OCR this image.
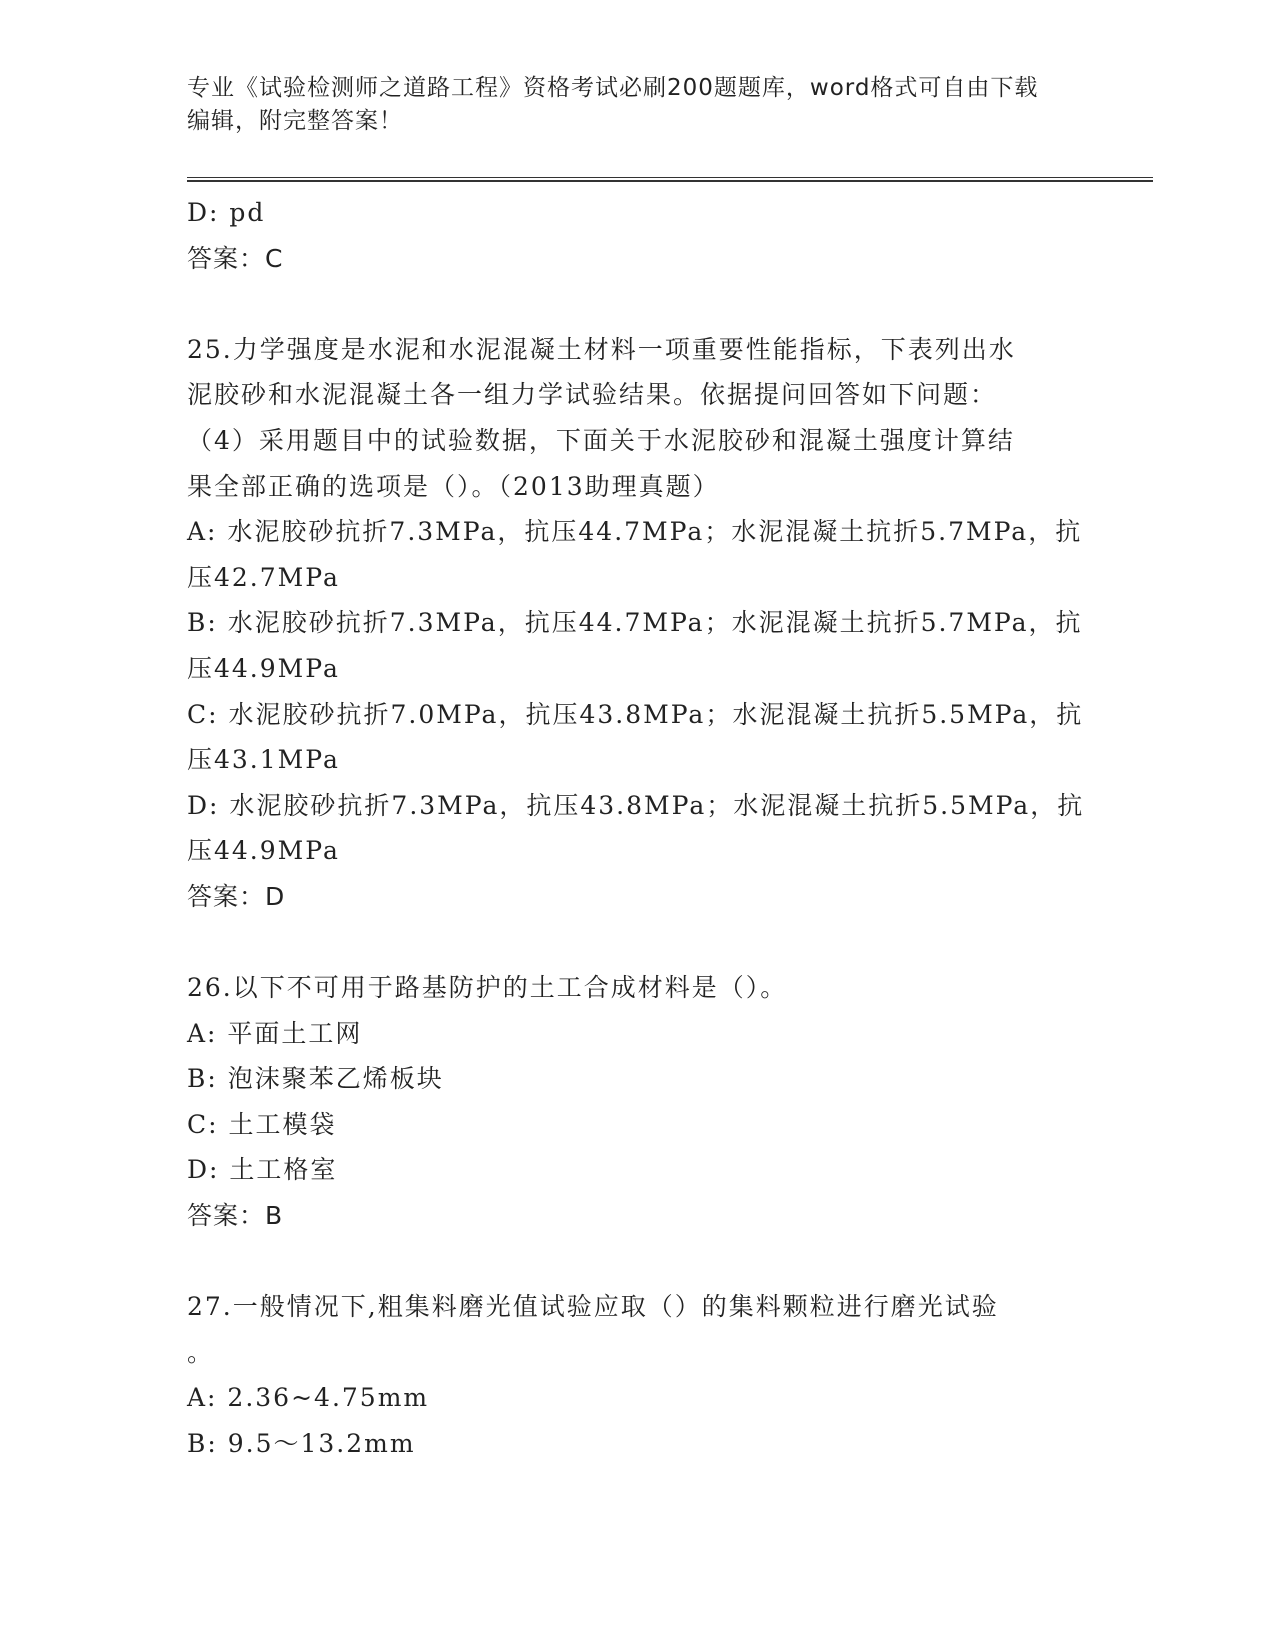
专业《试验检测师之道路工程》资格考试必刷200题题库，word格式可自由下载
编辑，附完整答案！
D: pd
答案：C
25.力学强度是水泥和水泥混凝土材料一项重要性能指标，下表列出水
泥胶砂和水泥混凝土各一组力学试验结果。依据提问回答如下问题：
（4）采用题目中的试验数据，下面关于水泥胶砂和混凝土强度计算结
果全部正确的选项是（）。（2013助理真题）
A: 水泥胶砂抗折7.3MPa，抗压44.7MPa；水泥混凝土抗折5.7MPa，抗
压42.7MPa
B: 水泥胶砂抗折7.3MPa，抗压44.7MPa；水泥混凝土抗折5.7MPa，抗
压44.9MPa
C: 水泥胶砂抗折7.0MPa，抗压43.8MPa；水泥混凝土抗折5.5MPa，抗
压43.1MPa
D: 水泥胶砂抗折7.3MPa，抗压43.8MPa；水泥混凝土抗折5.5MPa，抗
压44.9MPa
答案：D
26.以下不可用于路基防护的土工合成材料是（）。
A: 平面土工网
B: 泡沫聚苯乙烯板块
C: 土工模袋
D: 土工格室
答案：B
27.一般情况下,粗集料磨光值试验应取（）的集料颗粒进行磨光试验
。
A: 2.36~4.75mm
B: 9.5～13.2mm
